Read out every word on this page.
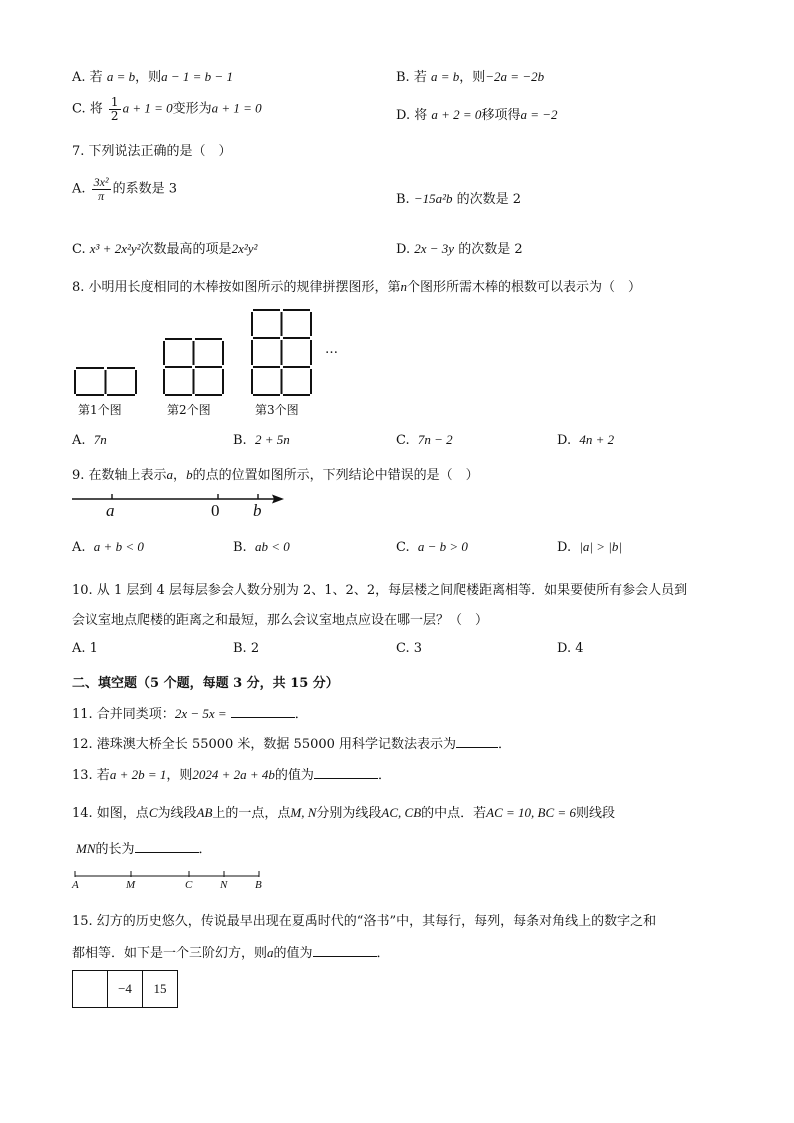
A. 若 a = b，则a − 1 = b − 1	B. 若 a = b，则−2a = −2b
C. 将 $\frac{1}{2}$ a + 1 = 0变形为a + 1 = 0	D. 将 a + 2 = 0移项得a = −2
7. 下列说法正确的是（　）
A. $\frac{\text{3x²}}{\pi}$ 的系数是 3
B. −15a²b 的次数是 2
C. x³ + 2x²y²次数最高的项是2x²y²	D. 2x − 3y 的次数是 2
8. 小明用长度相同的木棒按如图所示的规律拼摆图形，第n个图形所需木棒的根数可以表示为（　）
…
第1个图	第2个图	第3个图
A. 7n	B. 2 + 5n	C. 7n − 2	D. 4n + 2
9. 在数轴上表示a，b的点的位置如图所示，下列结论中错误的是（　）
a	0 b
A. a + b < 0	B. ab < 0	C. a − b > 0	D. |a| > |b|
10. 从 1 层到 4 层每层参会人数分别为 2、1、2、2，每层楼之间爬楼距离相等．如果要使所有参会人员到
会议室地点爬楼的距离之和最短，那么会议室地点应设在哪一层？（　）
A. 1	B. 2	C. 3	D. 4
二、填空题（5 个题，每题 3 分，共 15 分）
11. 合并同类项：2x − 5x =	．
12. 港珠澳大桥全长 55000 米，数据 55000 用科学记数法表示为	．
13. 若a + 2b = 1，则2024 + 2a + 4b的值为	．
14. 如图，点C为线段AB上的一点，点M, N分别为线段AC, CB的中点．若AC = 10, BC = 6则线段
MN的长为	．
A	M	C	N	B
15. 幻方的历史悠久，传说最早出现在夏禹时代的“洛书”中，其每行，每列，每条对角线上的数字之和
都相等．如下是一个三阶幻方，则a的值为	．
	−4	15
